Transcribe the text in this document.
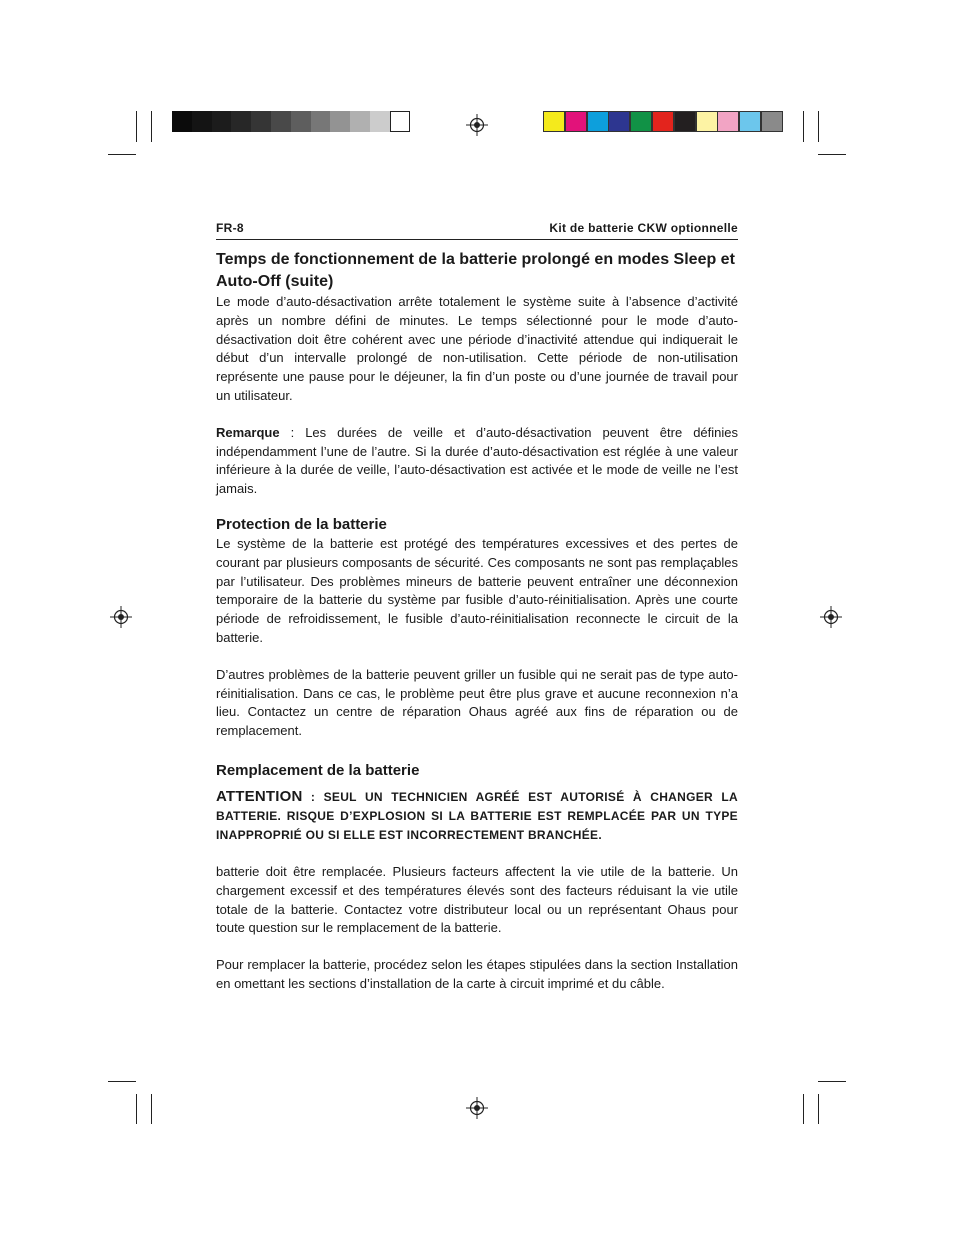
FR-8	Kit de batterie CKW optionnelle
Temps de fonctionnement de la batterie prolongé en modes Sleep et Auto-Off (suite)

Le mode d’auto-désactivation arrête totalement le système suite à l’absence d’activité après un nombre défini de minutes. Le temps sélectionné pour le mode d’auto-désactivation doit être cohérent avec une période d’inactivité attendue qui indiquerait le début d’un intervalle prolongé de non-utilisation. Cette période de non-utilisation représente une pause pour le déjeuner, la fin d’un poste ou d’une journée de travail pour un utilisateur.

Remarque : Les durées de veille et d’auto-désactivation peuvent être définies indépendamment l’une de l’autre. Si la durée d’auto-désactivation est réglée à une valeur inférieure à la durée de veille, l’auto-désactivation est activée et le mode de veille ne l’est jamais.

Protection de la batterie

Le système de la batterie est protégé des températures excessives et des pertes de courant par plusieurs composants de sécurité. Ces composants ne sont pas remplaçables par l’utilisateur. Des problèmes mineurs de batterie peuvent entraîner une déconnexion temporaire de la batterie du système par fusible d’auto-réinitialisation. Après une courte période de refroidissement, le fusible d’auto-réinitialisation reconnecte le circuit de la batterie.

D’autres problèmes de la batterie peuvent griller un fusible qui ne serait pas de type auto-réinitialisation. Dans ce cas, le problème peut être plus grave et aucune reconnexion n’a lieu. Contactez un centre de réparation Ohaus agréé aux fins de réparation ou de remplacement.

Remplacement de la batterie

ATTENTION : SEUL UN TECHNICIEN AGRÉÉ EST AUTORISÉ À CHANGER LA BATTERIE. RISQUE D’EXPLOSION SI LA BATTERIE EST REMPLACÉE PAR UN TYPE INAPPROPRIÉ OU SI ELLE EST INCORRECTEMENT BRANCHÉE.

batterie doit être remplacée. Plusieurs facteurs affectent la vie utile de la batterie. Un chargement excessif et des températures élevés sont des facteurs réduisant la vie utile totale de la batterie. Contactez votre distributeur local ou un représentant Ohaus pour toute question sur le remplacement de la batterie.

Pour remplacer la batterie, procédez selon les étapes stipulées dans la section Installation en omettant les sections d’installation de la carte à circuit imprimé et du câble.
